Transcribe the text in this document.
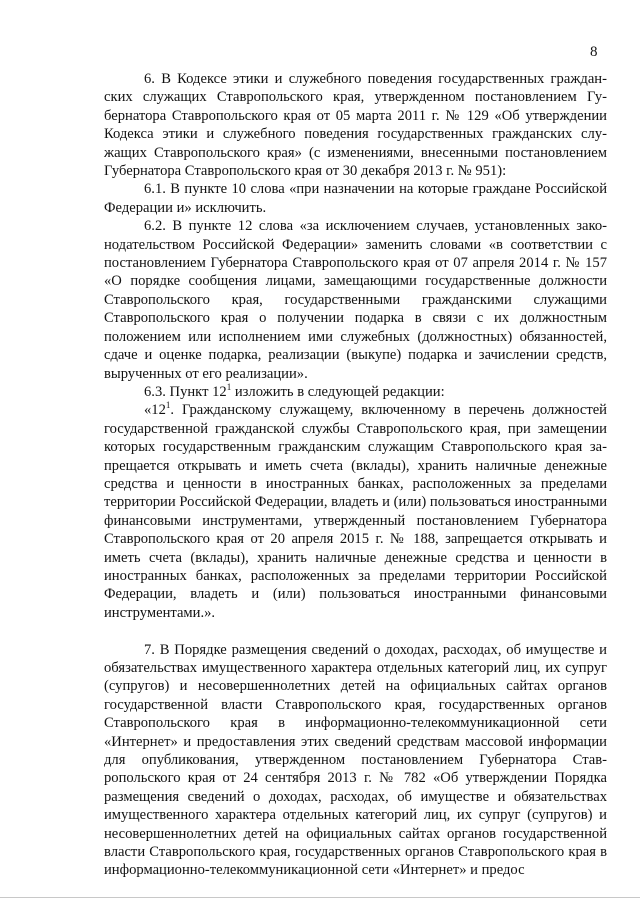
8

6. В Кодексе этики и служебного поведения государственных гражданских служащих Ставропольского края, утвержденном постановлением Губернатора Ставропольского края от 05 марта 2011 г. № 129 «Об утверждении Кодекса этики и служебного поведения государственных гражданских служащих Ставропольского края» (с изменениями, внесенными постановлением Губернатора Ставропольского края от 30 декабря 2013 г. № 951):

6.1. В пункте 10 слова «при назначении на которые граждане Российской Федерации и» исключить.

6.2. В пункте 12 слова «за исключением случаев, установленных законодательством Российской Федерации» заменить словами «в соответствии с постановлением Губернатора Ставропольского края от 07 апреля 2014 г. № 157 «О порядке сообщения лицами, замещающими государственные должности Ставропольского края, государственными гражданскими служащими Ставропольского края о получении подарка в связи с их должностным положением или исполнением ими служебных (должностных) обязанностей, сдаче и оценке подарка, реализации (выкупе) подарка и зачислении средств, вырученных от его реализации».

6.3. Пункт $12^1$ изложить в следующей редакции:

«$12^1$. Гражданскому служащему, включенному в перечень должностей государственной гражданской службы Ставропольского края, при замещении которых государственным гражданским служащим Ставропольского края запрещается открывать и иметь счета (вклады), хранить наличные денежные средства и ценности в иностранных банках, расположенных за пределами территории Российской Федерации, владеть и (или) пользоваться иностранными финансовыми инструментами, утвержденный постановлением Губернатора Ставропольского края от 20 апреля 2015 г. № 188, запрещается открывать и иметь счета (вклады), хранить наличные денежные средства и ценности в иностранных банках, расположенных за пределами территории Российской Федерации, владеть и (или) пользоваться иностранными финансовыми инструментами.».

7. В Порядке размещения сведений о доходах, расходах, об имуществе и обязательствах имущественного характера отдельных категорий лиц, их супруг (супругов) и несовершеннолетних детей на официальных сайтах органов государственной власти Ставропольского края, государственных органов Ставропольского края в информационно-телекоммуникационной сети «Интернет» и предоставления этих сведений средствам массовой информации для опубликования, утвержденном постановлением Губернатора Ставропольского края от 24 сентября 2013 г. № 782 «Об утверждении Порядка размещения сведений о доходах, расходах, об имуществе и обязательствах имущественного характера отдельных категорий лиц, их супруг (супругов) и несовершеннолетних детей на официальных сайтах органов государственной власти Ставропольского края, государственных органов Ставропольского края в информационно-телекоммуникационной сети «Интернет» и предос
